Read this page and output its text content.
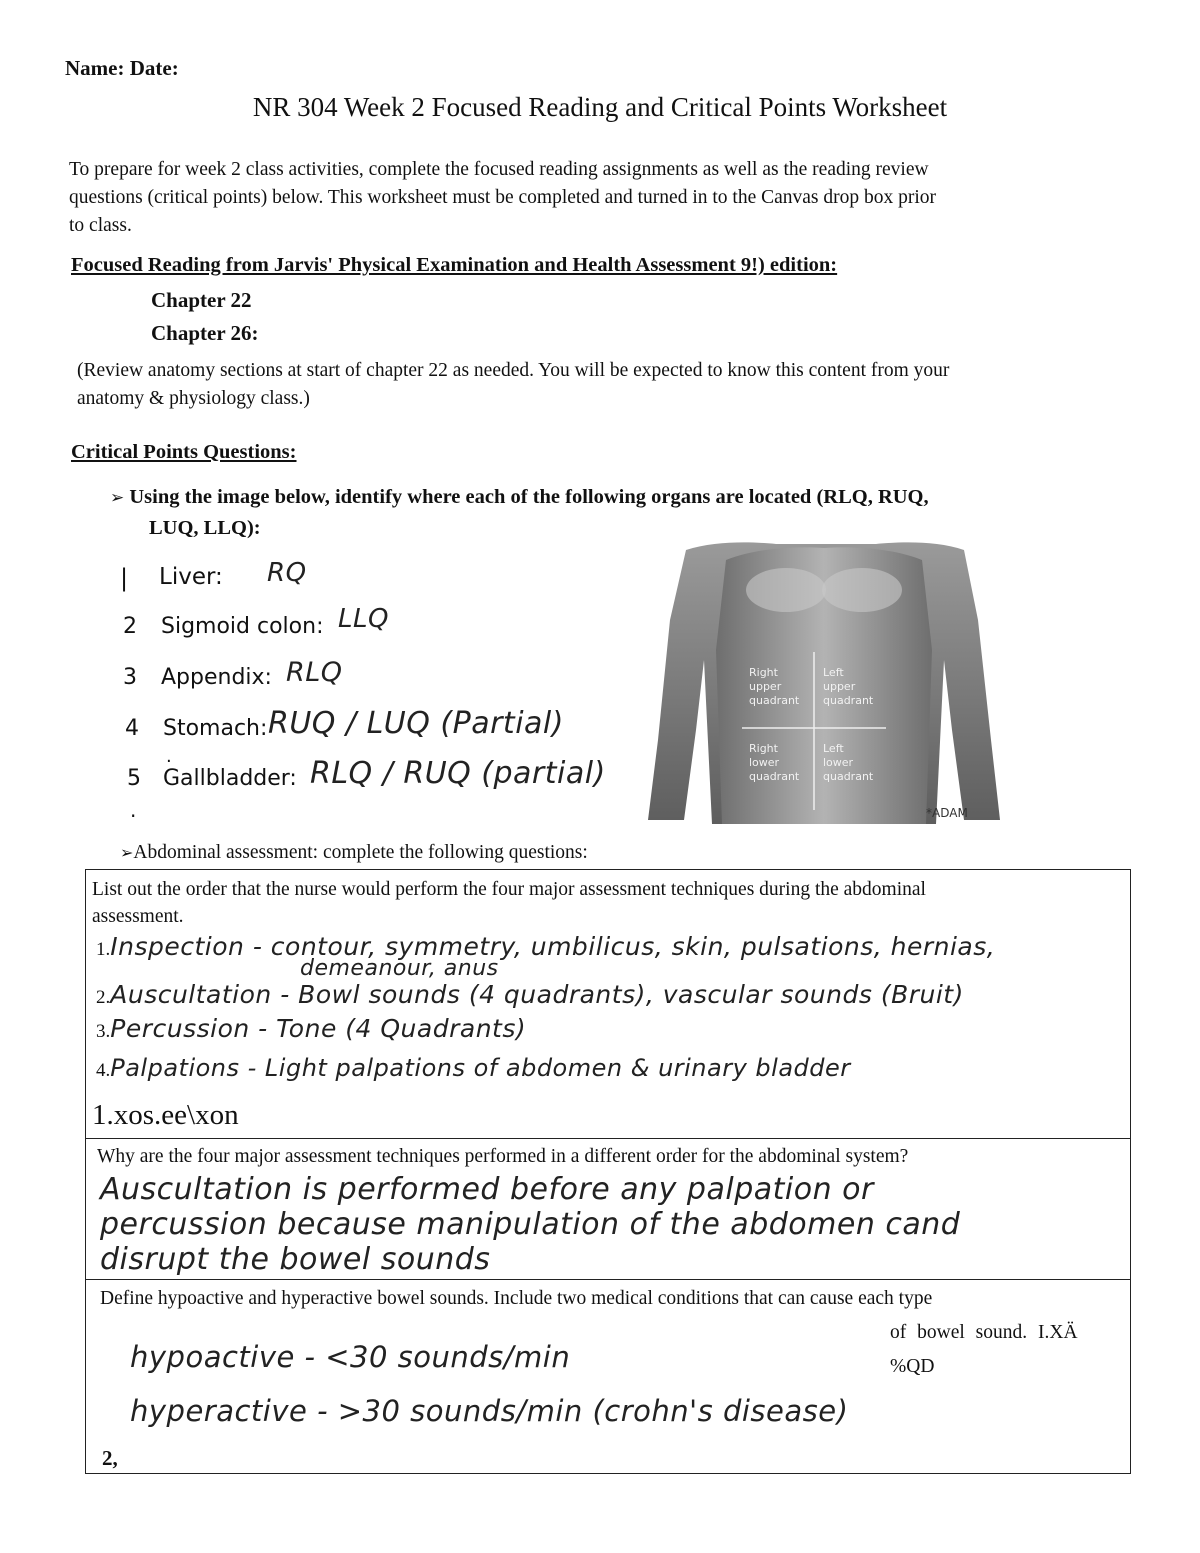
Name: Date:
NR 304 Week 2 Focused Reading and Critical Points Worksheet
To prepare for week 2 class activities, complete the focused reading assignments as well as the reading review
questions (critical points) below. This worksheet must be completed and turned in to the Canvas drop box prior
to class.
Focused Reading from Jarvis' Physical Examination and Health Assessment 9!) edition:
Chapter 22
Chapter 26:
(Review anatomy sections at start of chapter 22 as needed. You will be expected to know this content from your
anatomy & physiology class.)
Critical Points Questions:
➢ Using the image below, identify where each of the following organs are located (RLQ, RUQ,
LUQ, LLQ):
| Liver: RQ
2 Sigmoid colon: LLQ
3 Appendix: RLQ
4 Stomach: RUQ / LUQ (Partial)
5 Gallbladder: RLQ / RUQ (partial)
.
.
Right
upper
quadrant
Left
upper
quadrant
Right
lower
quadrant
Left
lower
quadrant
*ADAM
➢Abdominal assessment: complete the following questions:
List out the order that the nurse would perform the four major assessment techniques during the abdominal
assessment.
1.Inspection - contour, symmetry, umbilicus, skin, pulsations, hernias,
demeanour, anus
2.Auscultation - Bowl sounds (4 quadrants), vascular sounds (Bruit)
3.Percussion - Tone (4 Quadrants)
4.Palpations - Light palpations of abdomen & urinary bladder
1.xos.ee\xon
Why are the four major assessment techniques performed in a different order for the abdominal system?
Auscultation is performed before any palpation or
percussion because manipulation of the abdomen cand
disrupt the bowel sounds
Define hypoactive and hyperactive bowel sounds. Include two medical conditions that can cause each type
of bowel sound. I.XÄ
%QD
hypoactive - <30 sounds/min
hyperactive - >30 sounds/min (crohn's disease)
2,
